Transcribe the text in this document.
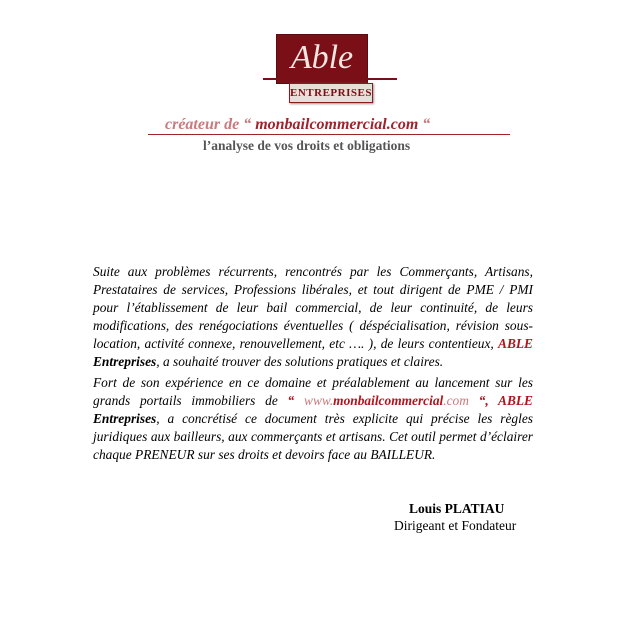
Able
ENTREPRISES
créateur de “ monbailcommercial.com “
l’analyse de vos droits et obligations
Suite aux problèmes récurrents, rencontrés par les Commerçants, Artisans, Prestataires de services, Professions libérales, et tout dirigent de PME / PMI pour l’établissement de leur bail commercial, de leur continuité, de leurs modifications, des renégociations éventuelles ( déspécialisation, révision sous-location, activité connexe, renouvellement, etc …. ), de leurs contentieux, ABLE Entreprises, a souhaité trouver des solutions pratiques et claires.
Fort de son expérience en ce domaine et préalablement au lancement sur les grands portails immobiliers de “ www.monbailcommercial.com “, ABLE Entreprises, a concrétisé ce document très explicite qui précise les règles juridiques aux bailleurs, aux commerçants et artisans. Cet outil permet d’éclairer chaque PRENEUR sur ses droits et devoirs face au BAILLEUR.
Louis PLATIAU
Dirigeant et Fondateur
